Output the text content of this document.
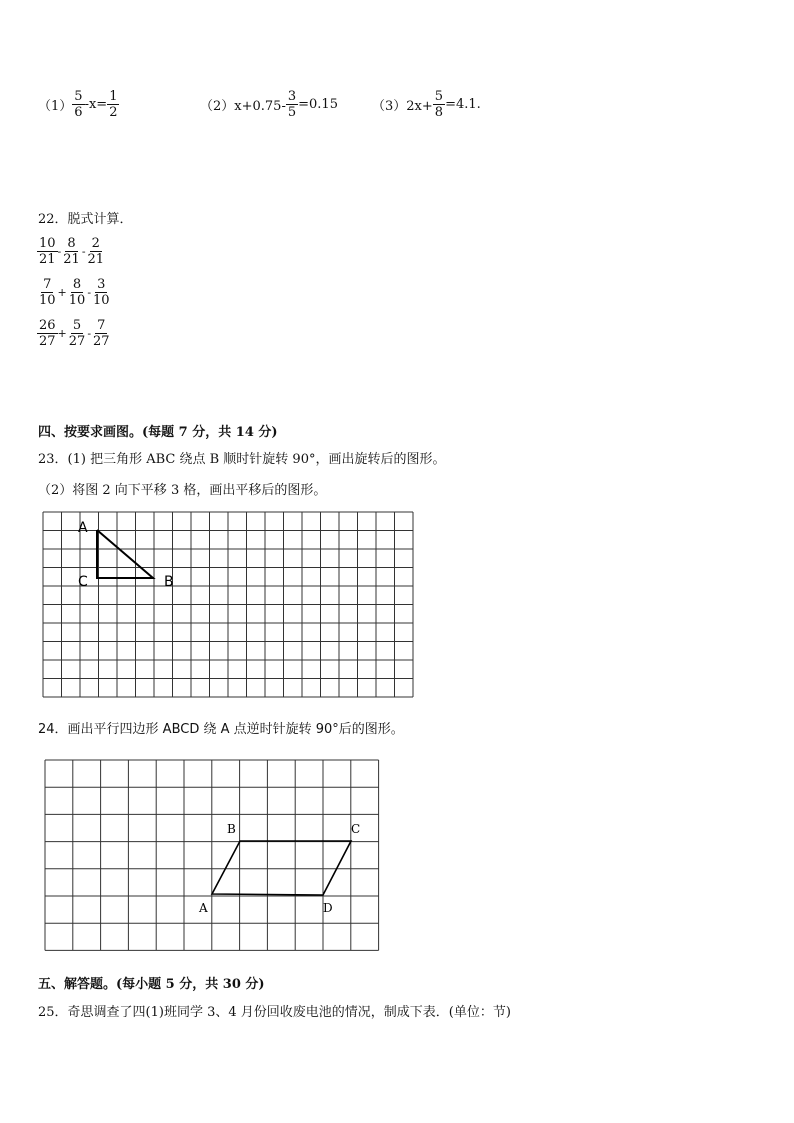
$(1) \frac{5}{6} -x= \frac{1}{2}$	$(2)x+0.75- \frac{3}{5} =0.15$	$(3)2x+ \frac{5}{8} =4.1$.
22．脱式计算．
$\frac{10}{21} - \frac{8}{21} - \frac{2}{21}$
$\frac{7}{10} + \frac{8}{10} - \frac{3}{10}$
$\frac{26}{27} + \frac{5}{27} - \frac{7}{27}$
四、按要求画图。(每题 7 分，共 14 分)
23．(1) 把三角形 ABC 绕点 B 顺时针旋转 90°，画出旋转后的图形。
（2）将图 2 向下平移 3 格，画出平移后的图形。
A
C	B
24．画出平行四边形 ABCD 绕 A 点逆时针旋转 90°后的图形。
B	C
A	D
五、解答题。(每小题 5 分，共 30 分)
25．奇思调查了四(1)班同学 3、4 月份回收废电池的情况，制成下表．(单位：节)
